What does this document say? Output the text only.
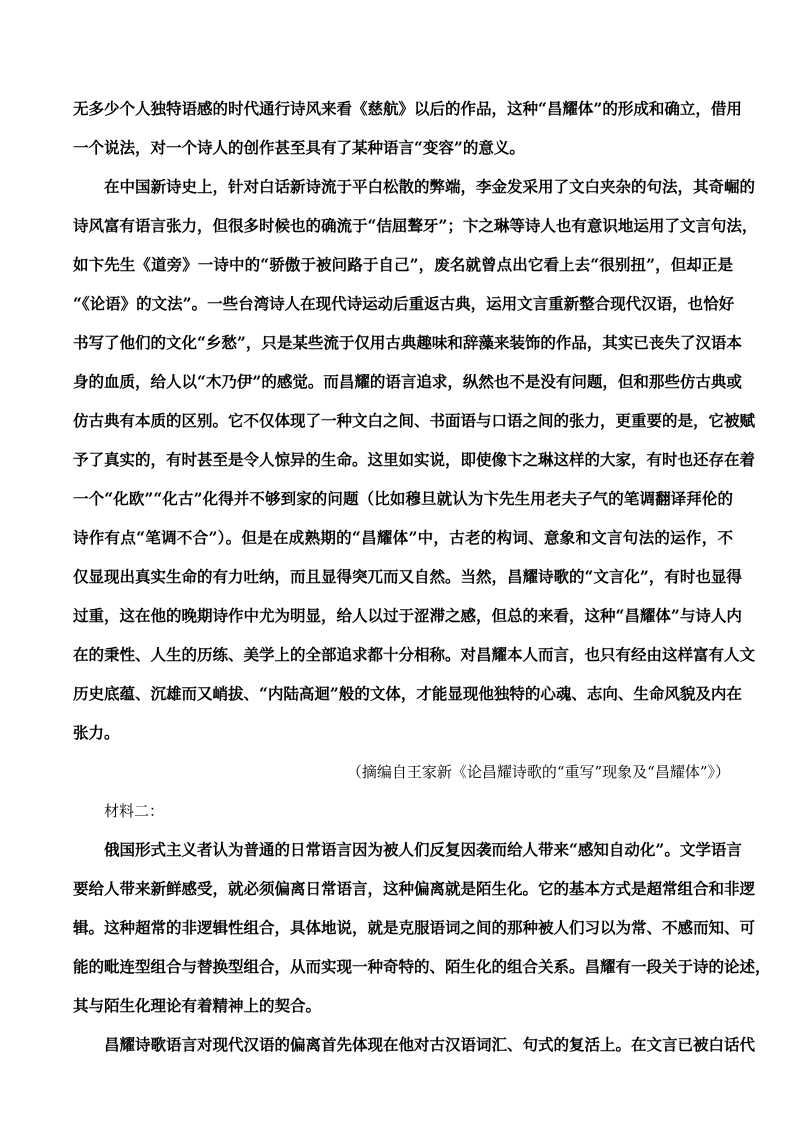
无多少个人独特语感的时代通行诗风来看《慈航》以后的作品，这种“昌耀体”的形成和确立，借用
一个说法，对一个诗人的创作甚至具有了某种语言“变容”的意义。
在中国新诗史上，针对白话新诗流于平白松散的弊端，李金发采用了文白夹杂的句法，其奇崛的
诗风富有语言张力，但很多时候也的确流于“佶屈聱牙”；卞之琳等诗人也有意识地运用了文言句法，
如卞先生《道旁》一诗中的“骄傲于被问路于自己”，废名就曾点出它看上去“很别扭”，但却正是
“《论语》的文法”。一些台湾诗人在现代诗运动后重返古典，运用文言重新整合现代汉语，也恰好
书写了他们的文化“乡愁”，只是某些流于仅用古典趣味和辞藻来装饰的作品，其实已丧失了汉语本
身的血质，给人以“木乃伊”的感觉。而昌耀的语言追求，纵然也不是没有问题，但和那些仿古典或
仿古典有本质的区别。它不仅体现了一种文白之间、书面语与口语之间的张力，更重要的是，它被赋
予了真实的，有时甚至是令人惊异的生命。这里如实说，即使像卞之琳这样的大家，有时也还存在着
一个“化欧”“化古”化得并不够到家的问题（比如穆旦就认为卞先生用老夫子气的笔调翻译拜伦的
诗作有点“笔调不合”）。但是在成熟期的“昌耀体”中，古老的构词、意象和文言句法的运作，不
仅显现出真实生命的有力吐纳，而且显得突兀而又自然。当然，昌耀诗歌的“文言化”，有时也显得
过重，这在他的晚期诗作中尤为明显，给人以过于涩滞之感，但总的来看，这种“昌耀体”与诗人内
在的秉性、人生的历练、美学上的全部追求都十分相称。对昌耀本人而言，也只有经由这样富有人文
历史底蕴、沉雄而又峭拔、“内陆高迴”般的文体，才能显现他独特的心魂、志向、生命风貌及内在
张力。
（摘编自王家新《论昌耀诗歌的“重写”现象及“昌耀体”》）
材料二：
俄国形式主义者认为普通的日常语言因为被人们反复因袭而给人带来“感知自动化”。文学语言
要给人带来新鲜感受，就必须偏离日常语言，这种偏离就是陌生化。它的基本方式是超常组合和非逻
辑。这种超常的非逻辑性组合，具体地说，就是克服语词之间的那种被人们习以为常、不感而知、可
能的毗连型组合与替换型组合，从而实现一种奇特的、陌生化的组合关系。昌耀有一段关于诗的论述，
其与陌生化理论有着精神上的契合。
昌耀诗歌语言对现代汉语的偏离首先体现在他对古汉语词汇、句式的复活上。在文言已被白话代
